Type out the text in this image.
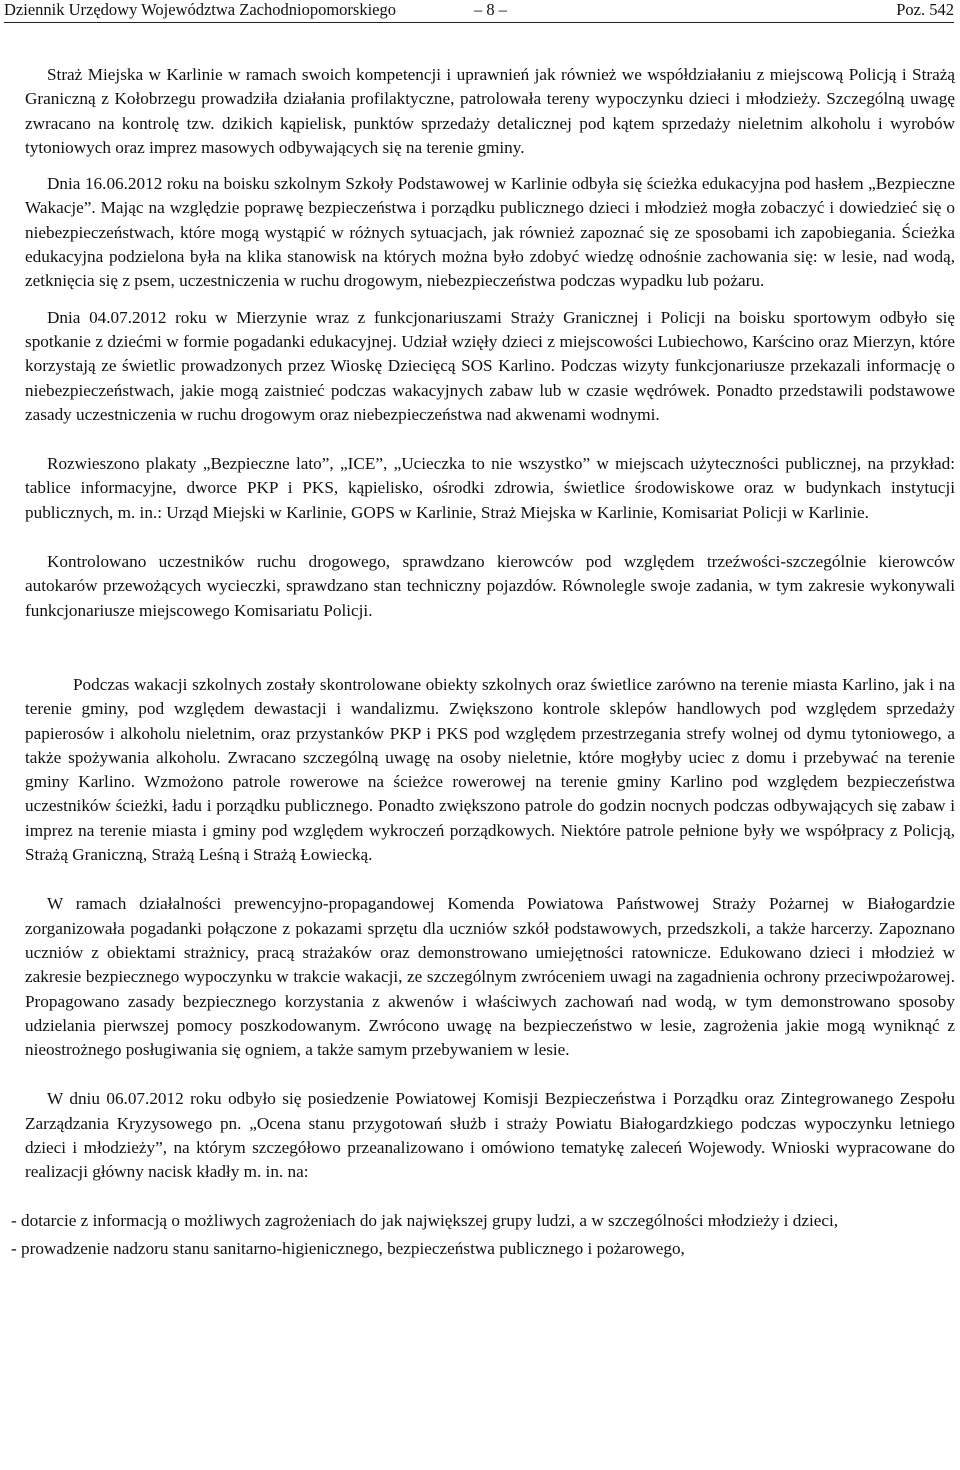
Dziennik Urzędowy Województwa Zachodniopomorskiego	– 8 –	Poz. 542

Straż Miejska w Karlinie w ramach swoich kompetencji i uprawnień jak również we współdziałaniu z miejscową Policją i Strażą Graniczną z Kołobrzegu prowadziła działania profilaktyczne, patrolowała tereny wypoczynku dzieci i młodzieży. Szczególną uwagę zwracano na kontrolę tzw. dzikich kąpielisk, punktów sprzedaży detalicznej pod kątem sprzedaży nieletnim alkoholu i wyrobów tytoniowych oraz imprez masowych odbywających się na terenie gminy.

Dnia 16.06.2012 roku na boisku szkolnym Szkoły Podstawowej w Karlinie odbyła się ścieżka edukacyjna pod hasłem „Bezpieczne Wakacje”. Mając na względzie poprawę bezpieczeństwa i porządku publicznego dzieci i młodzież mogła zobaczyć i dowiedzieć się o niebezpieczeństwach, które mogą wystąpić w różnych sytuacjach, jak również zapoznać się ze sposobami ich zapobiegania. Ścieżka edukacyjna podzielona była na klika stanowisk na których można było zdobyć wiedzę odnośnie zachowania się: w lesie, nad wodą, zetknięcia się z psem, uczestniczenia w ruchu drogowym, niebezpieczeństwa podczas wypadku lub pożaru.

Dnia 04.07.2012 roku w Mierzynie wraz z funkcjonariuszami Straży Granicznej i Policji na boisku sportowym odbyło się spotkanie z dziećmi w formie pogadanki edukacyjnej. Udział wzięły dzieci z miejscowości Lubiechowo, Karścino oraz Mierzyn, które korzystają ze świetlic prowadzonych przez Wioskę Dziecięcą SOS Karlino. Podczas wizyty funkcjonariusze przekazali informację o niebezpieczeństwach, jakie mogą zaistnieć podczas wakacyjnych zabaw lub w czasie wędrówek. Ponadto przedstawili podstawowe zasady uczestniczenia w ruchu drogowym oraz niebezpieczeństwa nad akwenami wodnymi.

Rozwieszono plakaty „Bezpieczne lato”, „ICE”, „Ucieczka to nie wszystko” w miejscach użyteczności publicznej, na przykład: tablice informacyjne, dworce PKP i PKS, kąpielisko, ośrodki zdrowia, świetlice środowiskowe oraz w budynkach instytucji publicznych, m. in.: Urząd Miejski w Karlinie, GOPS w Karlinie, Straż Miejska w Karlinie, Komisariat Policji w Karlinie.

Kontrolowano uczestników ruchu drogowego, sprawdzano kierowców pod względem trzeźwości-szczególnie kierowców autokarów przewożących wycieczki, sprawdzano stan techniczny pojazdów. Równolegle swoje zadania, w tym zakresie wykonywali funkcjonariusze miejscowego Komisariatu Policji.

Podczas wakacji szkolnych zostały skontrolowane obiekty szkolnych oraz świetlice zarówno na terenie miasta Karlino, jak i na terenie gminy, pod względem dewastacji i wandalizmu. Zwiększono kontrole sklepów handlowych pod względem sprzedaży papierosów i alkoholu nieletnim, oraz przystanków PKP i PKS pod względem przestrzegania strefy wolnej od dymu tytoniowego, a także spożywania alkoholu. Zwracano szczególną uwagę na osoby nieletnie, które mogłyby uciec z domu i przebywać na terenie gminy Karlino. Wzmożono patrole rowerowe na ścieżce rowerowej na terenie gminy Karlino pod względem bezpieczeństwa uczestników ścieżki, ładu i porządku publicznego. Ponadto zwiększono patrole do godzin nocnych podczas odbywających się zabaw i imprez na terenie miasta i gminy pod względem wykroczeń porządkowych. Niektóre patrole pełnione były we współpracy z Policją, Strażą Graniczną, Strażą Leśną i Strażą Łowiecką.

W ramach działalności prewencyjno-propagandowej Komenda Powiatowa Państwowej Straży Pożarnej w Białogardzie zorganizowała pogadanki połączone z pokazami sprzętu dla uczniów szkół podstawowych, przedszkoli, a także harcerzy. Zapoznano uczniów z obiektami strażnicy, pracą strażaków oraz demonstrowano umiejętności ratownicze. Edukowano dzieci i młodzież w zakresie bezpiecznego wypoczynku w trakcie wakacji, ze szczególnym zwróceniem uwagi na zagadnienia ochrony przeciwpożarowej. Propagowano zasady bezpiecznego korzystania z akwenów i właściwych zachowań nad wodą, w tym demonstrowano sposoby udzielania pierwszej pomocy poszkodowanym. Zwrócono uwagę na bezpieczeństwo w lesie, zagrożenia jakie mogą wyniknąć z nieostrożnego posługiwania się ogniem, a także samym przebywaniem w lesie.

W dniu 06.07.2012 roku odbyło się posiedzenie Powiatowej Komisji Bezpieczeństwa i Porządku oraz Zintegrowanego Zespołu Zarządzania Kryzysowego pn. „Ocena stanu przygotowań służb i straży Powiatu Białogardzkiego podczas wypoczynku letniego dzieci i młodzieży”, na którym szczegółowo przeanalizowano i omówiono tematykę zaleceń Wojewody. Wnioski wypracowane do realizacji główny nacisk kładły m. in. na:

- dotarcie z informacją o możliwych zagrożeniach do jak największej grupy ludzi, a w szczególności młodzieży i dzieci,
- prowadzenie nadzoru stanu sanitarno-higienicznego, bezpieczeństwa publicznego i pożarowego,
